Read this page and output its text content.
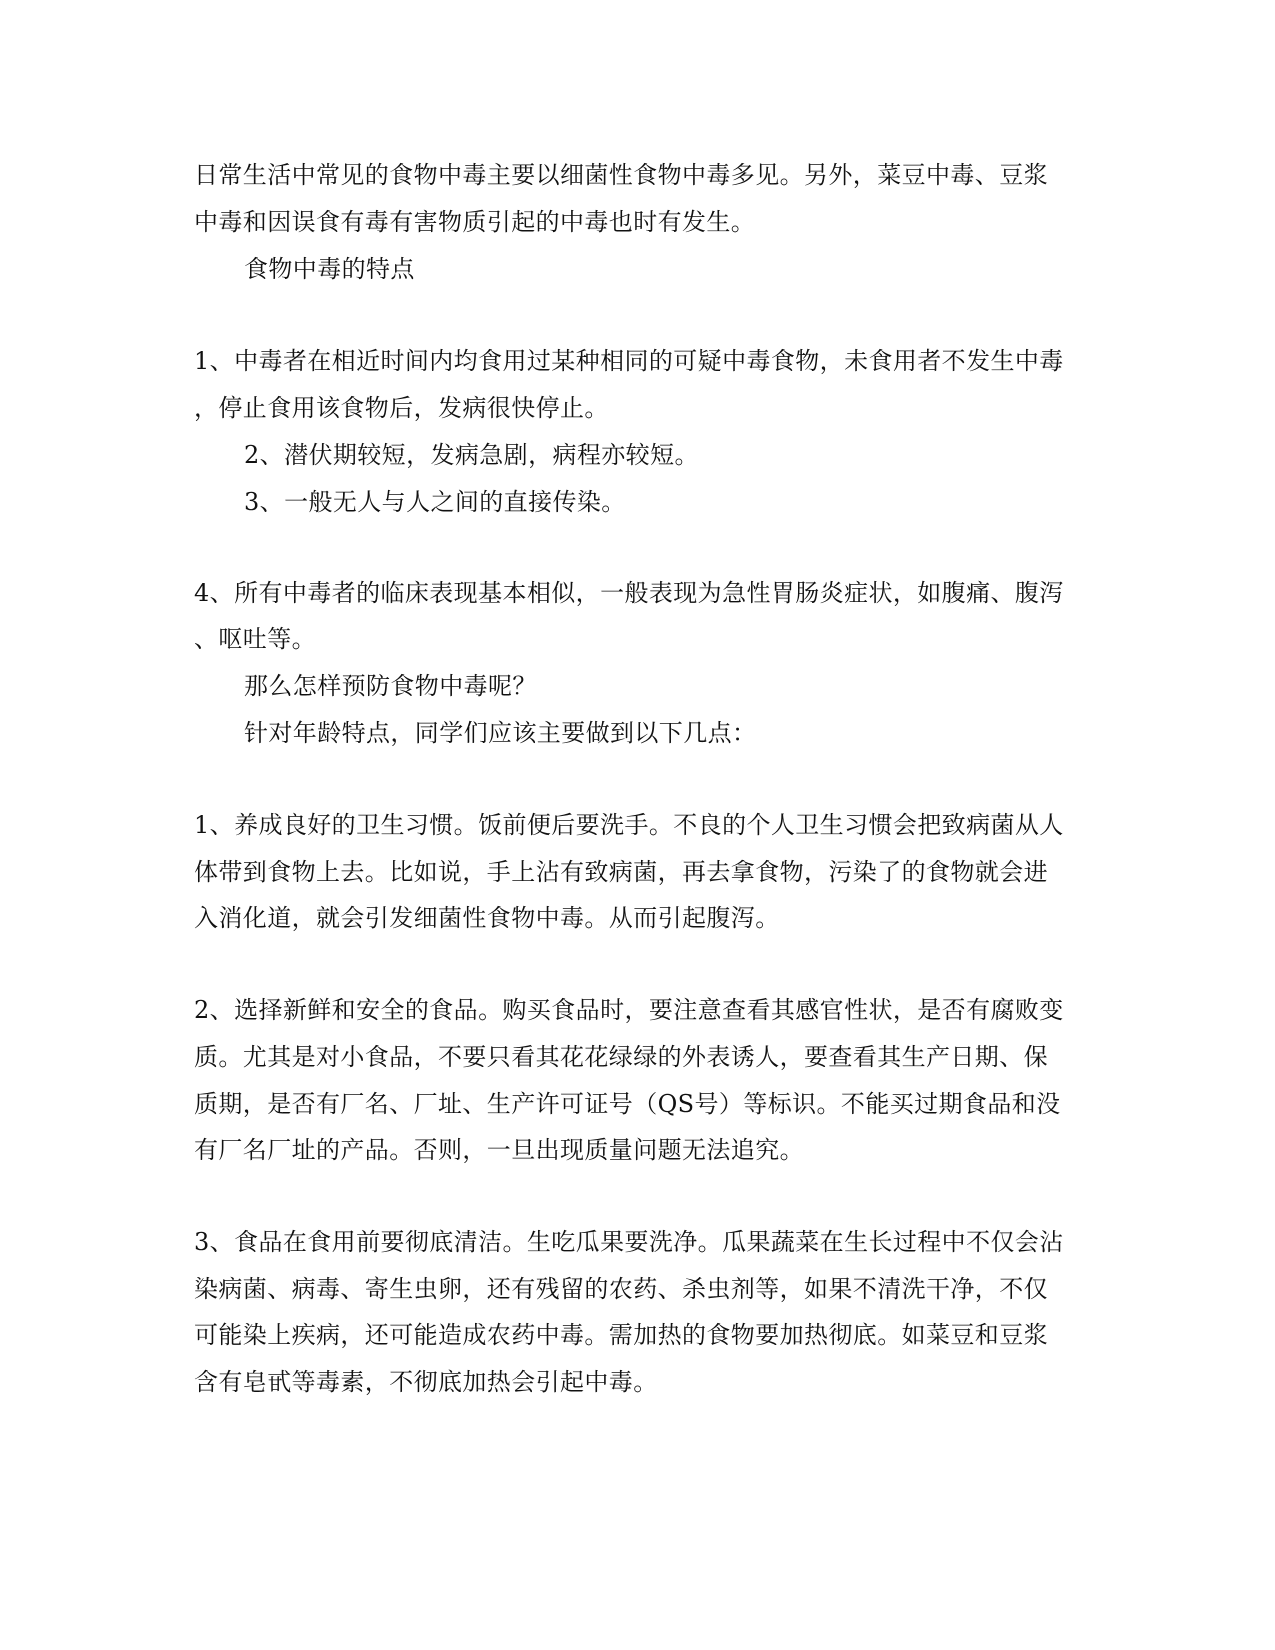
日常生活中常见的食物中毒主要以细菌性食物中毒多见。另外，菜豆中毒、豆浆
中毒和因误食有毒有害物质引起的中毒也时有发生。
食物中毒的特点
1、中毒者在相近时间内均食用过某种相同的可疑中毒食物，未食用者不发生中毒
，停止食用该食物后，发病很快停止。
2、潜伏期较短，发病急剧，病程亦较短。
3、一般无人与人之间的直接传染。
4、所有中毒者的临床表现基本相似，一般表现为急性胃肠炎症状，如腹痛、腹泻
、呕吐等。
那么怎样预防食物中毒呢？
针对年龄特点，同学们应该主要做到以下几点：
1、养成良好的卫生习惯。饭前便后要洗手。不良的个人卫生习惯会把致病菌从人
体带到食物上去。比如说，手上沾有致病菌，再去拿食物，污染了的食物就会进
入消化道，就会引发细菌性食物中毒。从而引起腹泻。
2、选择新鲜和安全的食品。购买食品时，要注意查看其感官性状，是否有腐败变
质。尤其是对小食品，不要只看其花花绿绿的外表诱人，要查看其生产日期、保
质期，是否有厂名、厂址、生产许可证号（QS号）等标识。不能买过期食品和没
有厂名厂址的产品。否则，一旦出现质量问题无法追究。
3、食品在食用前要彻底清洁。生吃瓜果要洗净。瓜果蔬菜在生长过程中不仅会沾
染病菌、病毒、寄生虫卵，还有残留的农药、杀虫剂等，如果不清洗干净，不仅
可能染上疾病，还可能造成农药中毒。需加热的食物要加热彻底。如菜豆和豆浆
含有皂甙等毒素，不彻底加热会引起中毒。
